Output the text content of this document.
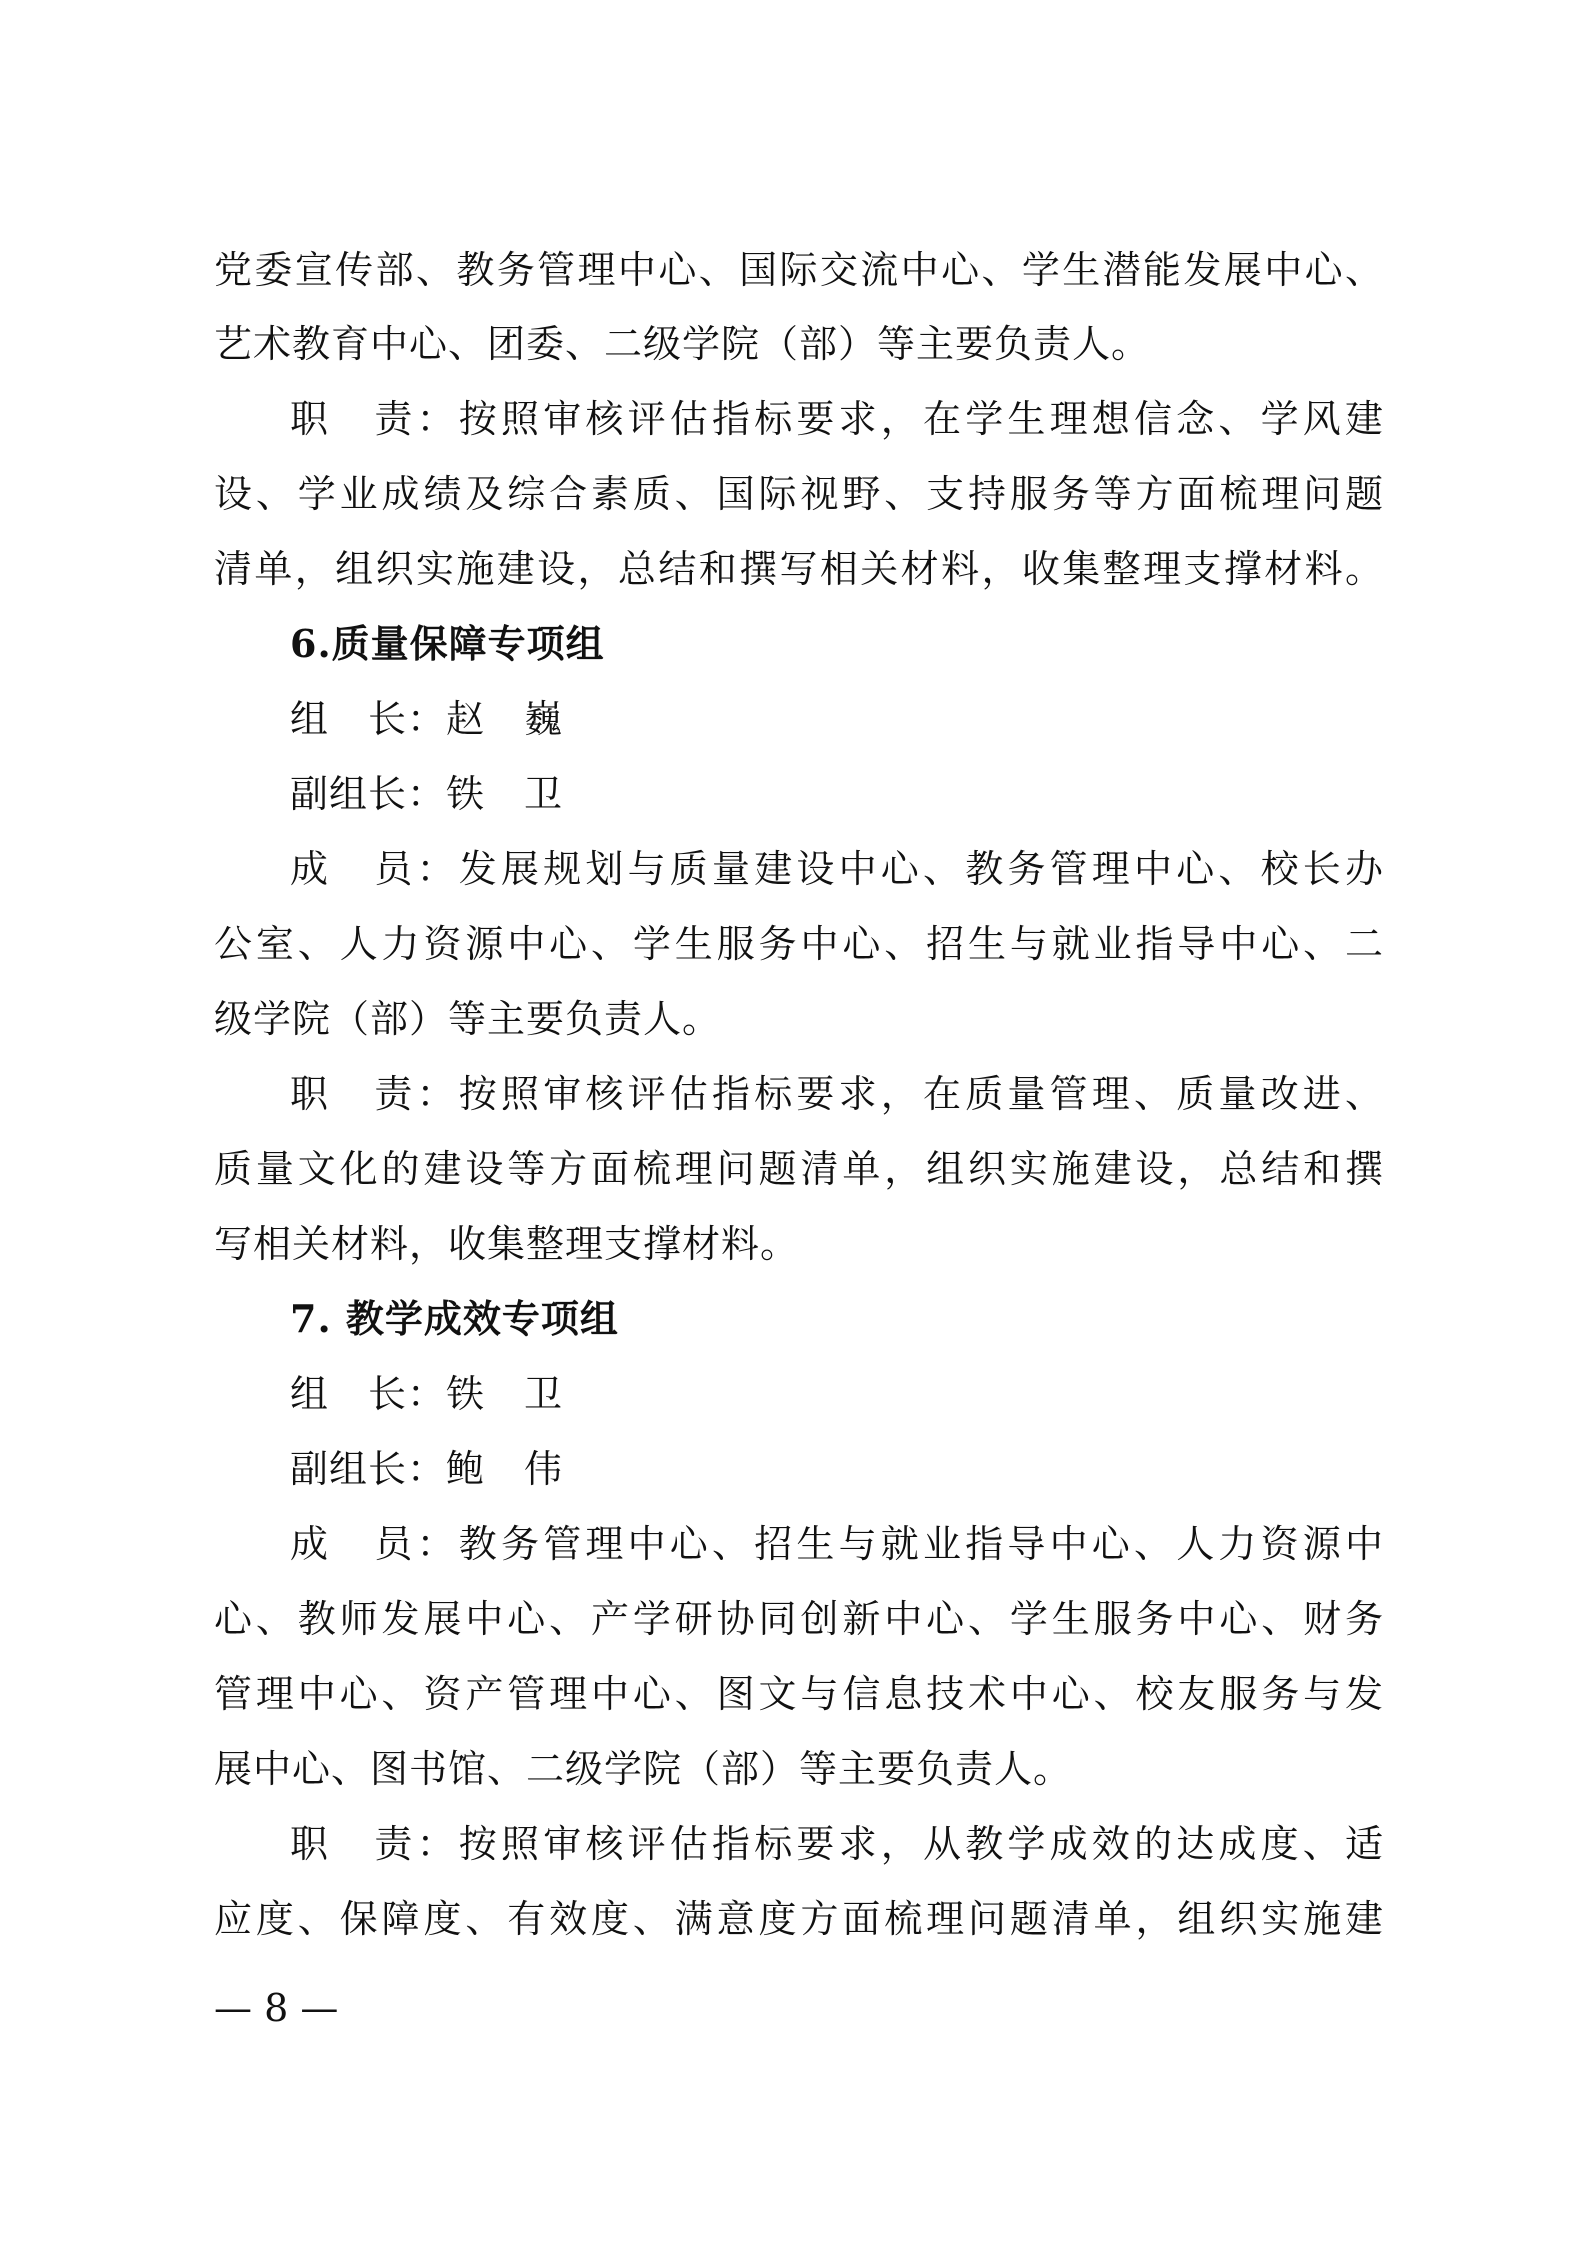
党委宣传部、教务管理中心、国际交流中心、学生潜能发展中心、
艺术教育中心、团委、二级学院（部）等主要负责人。
职　责：按照审核评估指标要求，在学生理想信念、学风建
设、学业成绩及综合素质、国际视野、支持服务等方面梳理问题
清单，组织实施建设，总结和撰写相关材料，收集整理支撑材料。
6.质量保障专项组
组　长：赵　巍
副组长：铁　卫
成　员：发展规划与质量建设中心、教务管理中心、校长办
公室、人力资源中心、学生服务中心、招生与就业指导中心、二
级学院（部）等主要负责人。
职　责：按照审核评估指标要求，在质量管理、质量改进、
质量文化的建设等方面梳理问题清单，组织实施建设，总结和撰
写相关材料，收集整理支撑材料。
7. 教学成效专项组
组　长：铁　卫
副组长：鲍　伟
成　员：教务管理中心、招生与就业指导中心、人力资源中
心、教师发展中心、产学研协同创新中心、学生服务中心、财务
管理中心、资产管理中心、图文与信息技术中心、校友服务与发
展中心、图书馆、二级学院（部）等主要负责人。
职　责：按照审核评估指标要求，从教学成效的达成度、适
应度、保障度、有效度、满意度方面梳理问题清单，组织实施建
— 8 —
